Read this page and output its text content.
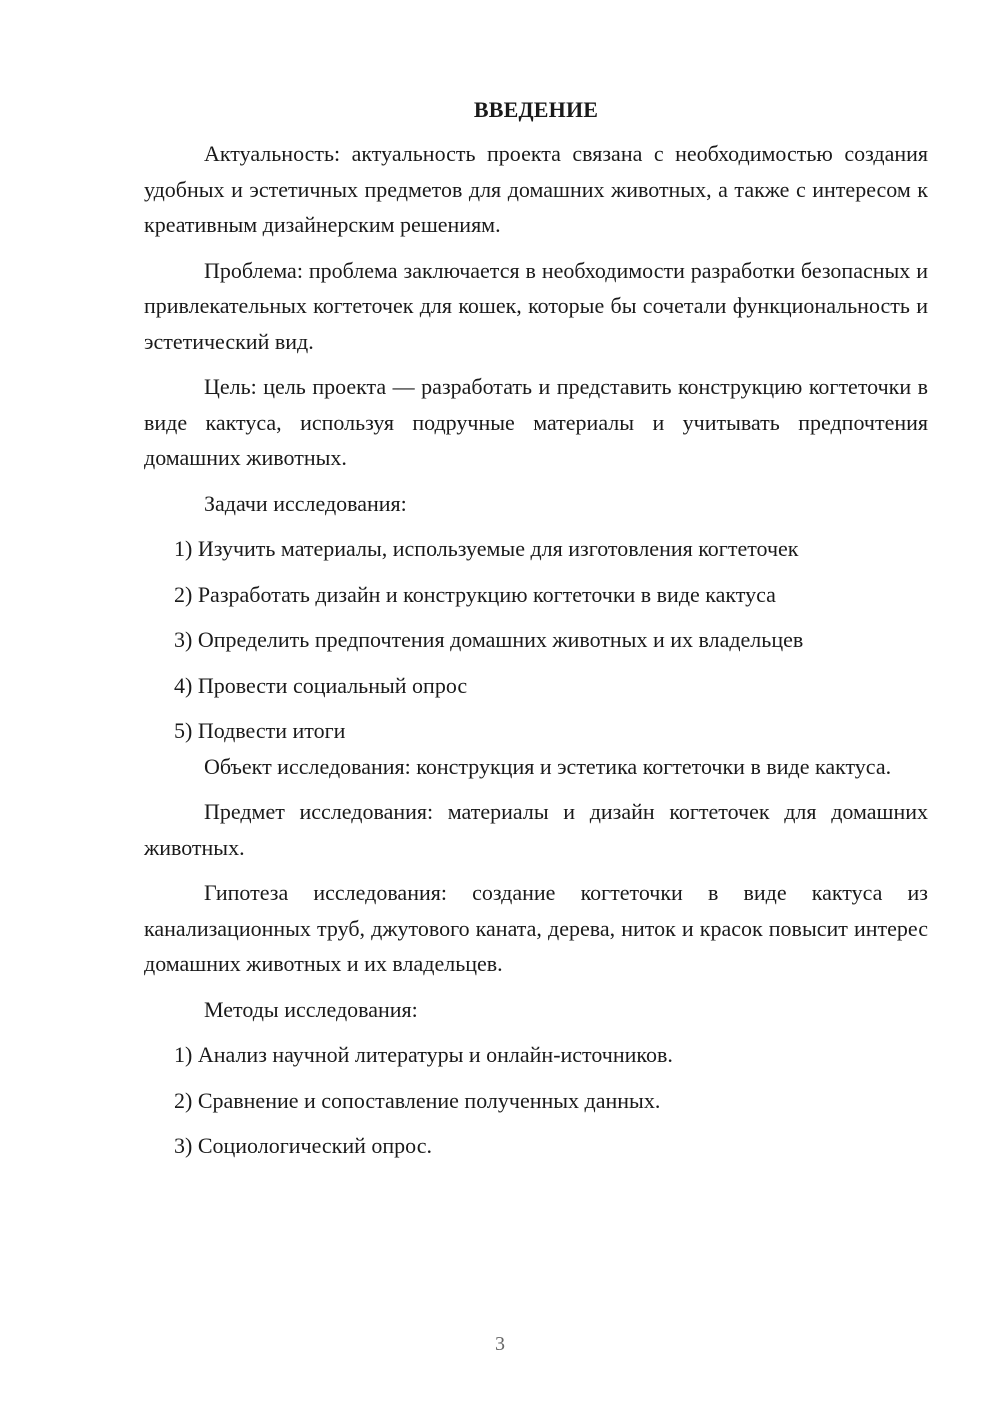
ВВЕДЕНИЕ

Актуальность: актуальность проекта связана с необходимостью создания удобных и эстетичных предметов для домашних животных, а также с интересом к креативным дизайнерским решениям.

Проблема: проблема заключается в необходимости разработки безопасных и привлекательных когтеточек для кошек, которые бы сочетали функциональность и эстетический вид.

Цель: цель проекта — разработать и представить конструкцию когтеточки в виде кактуса, используя подручные материалы и учитывать предпочтения домашних животных.

Задачи исследования:

1) Изучить материалы, используемые для изготовления когтеточек
2) Разработать дизайн и конструкцию когтеточки в виде кактуса
3) Определить предпочтения домашних животных и их владельцев
4) Провести социальный опрос
5) Подвести итоги

Объект исследования: конструкция и эстетика когтеточки в виде кактуса.

Предмет исследования: материалы и дизайн когтеточек для домашних животных.

Гипотеза исследования: создание когтеточки в виде кактуса из канализационных труб, джутового каната, дерева, ниток и красок повысит интерес домашних животных и их владельцев.

Методы исследования:

1) Анализ научной литературы и онлайн-источников.
2) Сравнение и сопоставление полученных данных.
3) Социологический опрос.
3
